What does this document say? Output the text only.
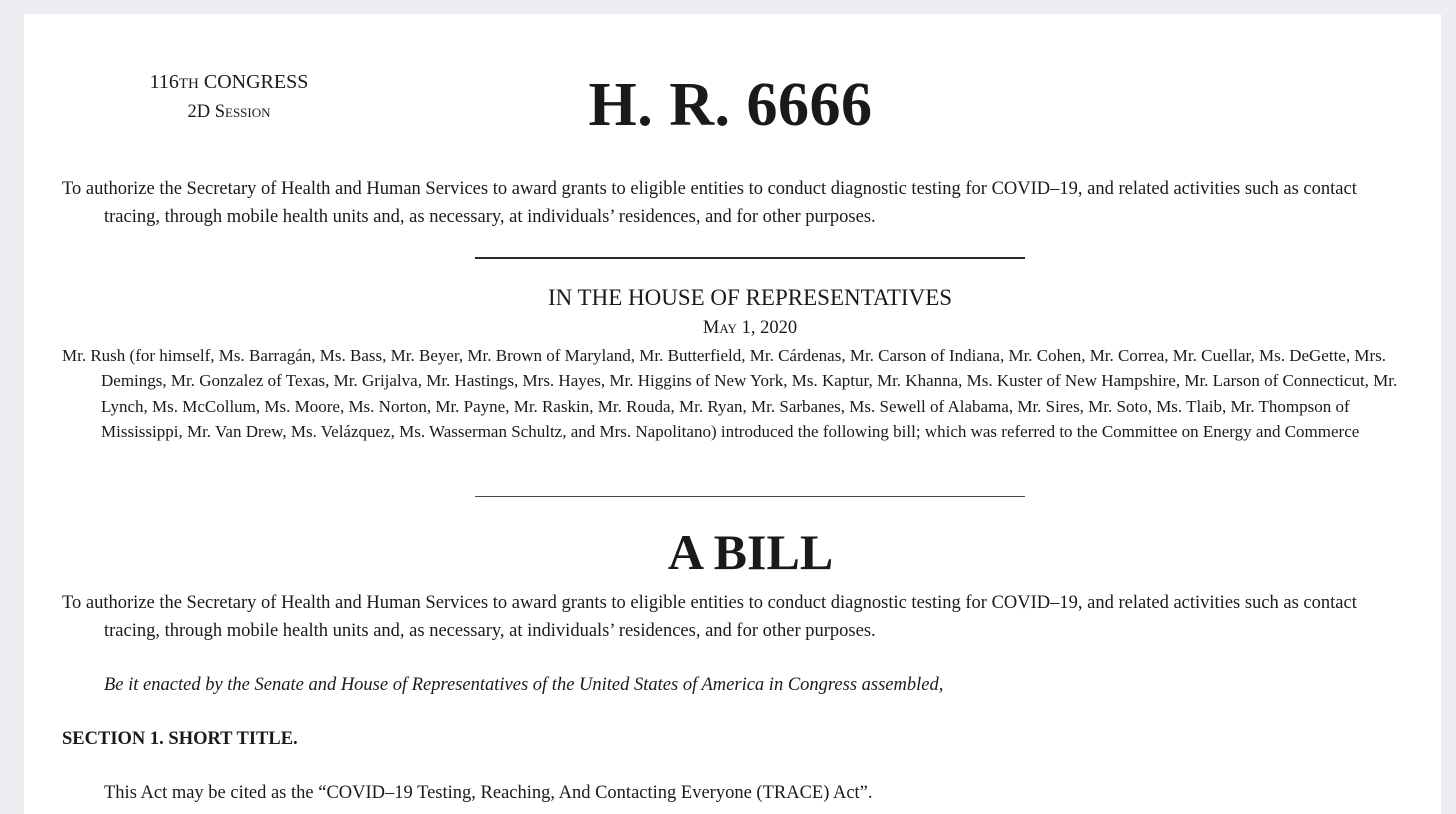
116TH CONGRESS
2D Session	H. R. 6666
To authorize the Secretary of Health and Human Services to award grants to eligible entities to conduct diagnostic testing for COVID–19, and related activities such as contact tracing, through mobile health units and, as necessary, at individuals’ residences, and for other purposes.
IN THE HOUSE OF REPRESENTATIVES
May 1, 2020
Mr. Rush (for himself, Ms. Barragán, Ms. Bass, Mr. Beyer, Mr. Brown of Maryland, Mr. Butterfield, Mr. Cárdenas, Mr. Carson of Indiana, Mr. Cohen, Mr. Correa, Mr. Cuellar, Ms. DeGette, Mrs. Demings, Mr. Gonzalez of Texas, Mr. Grijalva, Mr. Hastings, Mrs. Hayes, Mr. Higgins of New York, Ms. Kaptur, Mr. Khanna, Ms. Kuster of New Hampshire, Mr. Larson of Connecticut, Mr. Lynch, Ms. McCollum, Ms. Moore, Ms. Norton, Mr. Payne, Mr. Raskin, Mr. Rouda, Mr. Ryan, Mr. Sarbanes, Ms. Sewell of Alabama, Mr. Sires, Mr. Soto, Ms. Tlaib, Mr. Thompson of Mississippi, Mr. Van Drew, Ms. Velázquez, Ms. Wasserman Schultz, and Mrs. Napolitano) introduced the following bill; which was referred to the Committee on Energy and Commerce
A BILL
To authorize the Secretary of Health and Human Services to award grants to eligible entities to conduct diagnostic testing for COVID–19, and related activities such as contact tracing, through mobile health units and, as necessary, at individuals’ residences, and for other purposes.
Be it enacted by the Senate and House of Representatives of the United States of America in Congress assembled,
SECTION 1. SHORT TITLE.
This Act may be cited as the “COVID–19 Testing, Reaching, And Contacting Everyone (TRACE) Act”.
